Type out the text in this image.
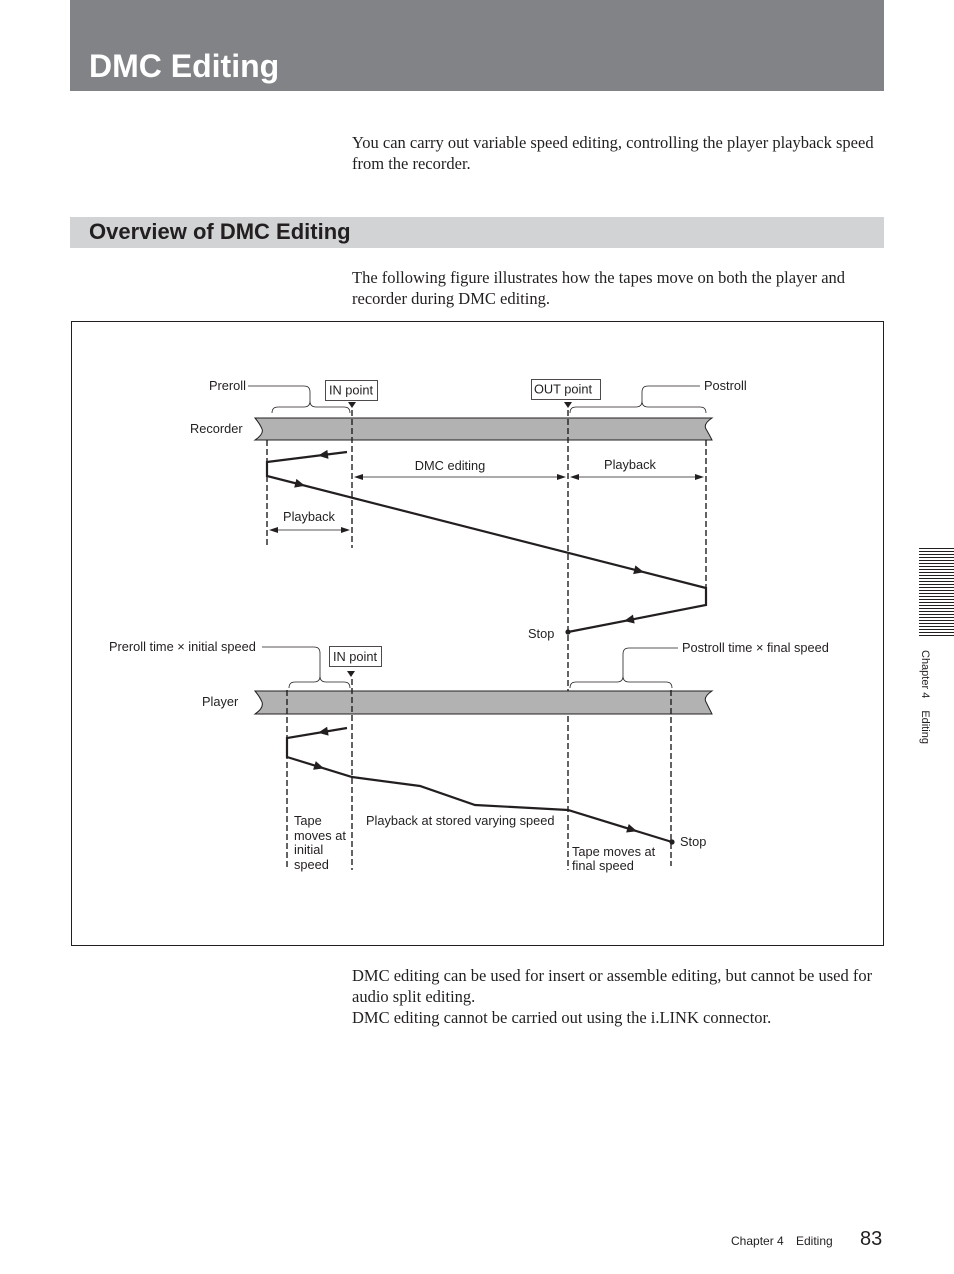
DMC Editing

You can carry out variable speed editing, controlling the player playback speed from the recorder.

Overview of DMC Editing

The following figure illustrates how the tapes move on both the player and recorder during DMC editing.

Preroll	IN point	OUT point	Postroll
Recorder
DMC editing	Playback
Playback
Stop
Preroll time × initial speed
IN point
Postroll time × final speed
Player
Stop
Tape
moves at
initial
speed
Playback at stored varying speed
Tape moves at
final speed

DMC editing can be used for insert or assemble editing, but cannot be used for audio split editing.

DMC editing cannot be carried out using the i.LINK connector.

Chapter 4Editing
Chapter 4 Editing 83
